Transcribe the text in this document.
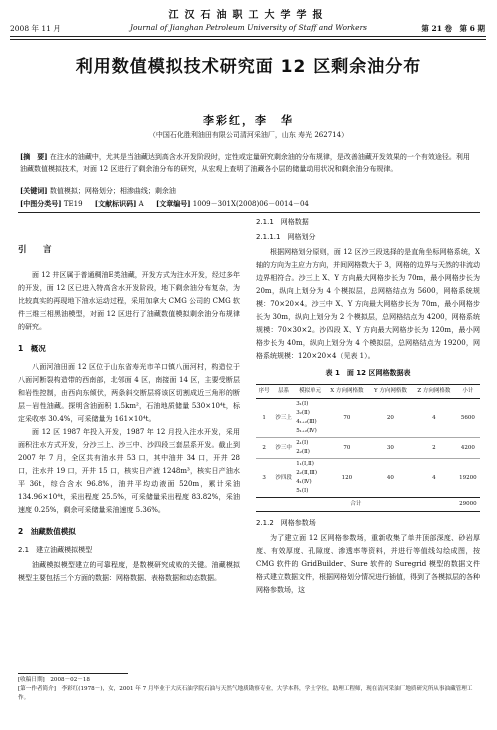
江汉石油职工大学学报
2008 年 11 月	Journal of Jianghan Petroleum University of Staff and Workers	第 21 卷　第 6 期
利用数值模拟技术研究面 12 区剩余油分布
李彩红，李　华
（中国石化胜利油田有限公司清河采油厂，山东 寿光 262714）
[摘　要] 在注水的油藏中，尤其是当油藏达到高含水开发阶段时，定性或定量研究剩余油的分布规律，是改善油藏开发效果的一个有效途径。利用油藏数值模拟技术，对面 12 区进行了剩余油分布的研究，从宏观上查明了油藏各小层的储量动用状况和剩余油分布规律。
[关键词] 数值模拟；网格划分；相渗曲线；剩余油
[中图分类号] TE19 [文献标识码] A [文章编号] 1009－301X(2008)06－0014－04
引　言

面 12 井区属于普通稠油E类油藏，开发方式为注水开发，经过多年的开发，面 12 区已进入特高含水开发阶段，地下剩余油分布复杂，为比较真实的再现地下油水运动过程，采用加拿大 CMG 公司的 CMG 软件三维三相黑油模型，对面 12 区进行了油藏数值模拟剩余油分布规律的研究。

1　概况

八面河油田面 12 区位于山东省寿光市羊口镇八面河村，构造位于八面河断裂构造带的西南部，北邻面 4 区，南接面 14 区，主要受断层和岩性控制，由西向东倾伏，两条斜交断层将该区切割成近三角形的断层－岩性油藏。探明含油面积 1.5km²，石油地质储量 530×10⁴t，标定采收率 30.4%，可采储量为 161×10⁴t。

面 12 区 1987 年投入开发，1987 年 12 月投入注水开发，采用面积注水方式开发，分沙三上、沙三中、沙四段三套层系开发。截止到 2007 年 7 月，全区共有油水井 53 口，其中油井 34 口，开井 28 口，注水井 19 口，开井 15 口，核实日产液 1248m³，核实日产油水平 36t，综合含水 96.8%，油井平均动液面 520m，累计采油 134.96×10⁴t，采出程度 25.5%，可采储量采出程度 83.82%，采油速度 0.25%，剩余可采储量采油速度 5.36%。

2　油藏数值模拟
2.1　建立油藏模拟模型

油藏模拟模型建立的可靠程度，是数模研究成败的关键。油藏模拟模型主要包括三个方面的数据：网格数据、表格数据和动态数据。

2.1.1　网格数据
2.1.1.1　网格划分

根据网格划分原则，面 12 区沙三段选择的是直角坐标网格系统，X 轴的方向为主应力方向，并间网格数大于 3，网格的边界与天然的非流动边界相符合。沙三上 X、Y 方向最大网格步长为 70m，最小网格步长为 20m，纵向上划分为 4 个模拟层，总网格结点为 5600，网格系统规模：70×20×4。沙三中 X、Y 方向最大网格步长为 70m，最小网格步长为 30m，纵向上划分为 2 个模拟层，总网格结点为 4200，网格系统规模：70×30×2。沙四段 X、Y 方向最大网格步长为 120m，最小网格步长为 40m，纵向上划分为 4 个模拟层，总网格结点为 19200，网格系统规模：120×20×4（见表 1）。

表 1　面 12 区网格数据表
序号	层系	模拟单元	X 方向网格数	Y 方向网格数	Z 方向网格数	小计
1	沙三上	3₁(Ⅰ)
3₂(Ⅱ)
4₁₊₂(Ⅲ)
5₁₊₂(Ⅳ)	70	20	4	5600
2	沙三中	2₁(Ⅰ)
2₂(Ⅱ)	70	30	2	4200
3	沙四段	1₁(Ⅰ,Ⅱ)
2₂(Ⅱ,Ⅲ)
4₁(Ⅳ)
5₁(Ⅰ)	120	40	4	19200
合计						29000
2.1.2　网格参数场

为了建立面 12 区网格参数场，重新收集了单井顶部深度、砂岩厚度、有效厚度、孔隙度、渗透率等资料，并进行等值线勾绘成图，按 CMG 软件的 GridBuilder、Sure 软件的 Suregrid 模型的数据文件格式建立数据文件，根据网格划分情况进行插值，得到了各模拟层的各种网格参数场，这

[收稿日期]　2008－02－18
[第一作者简介]　李彩红(1978－)，女，2001 年 7 月毕业于大庆石油学院石油与天然气地质勘察专业，大学本科，学士学位，助理工程师，现在清河采油厂地质研究所从事油藏管理工作。
